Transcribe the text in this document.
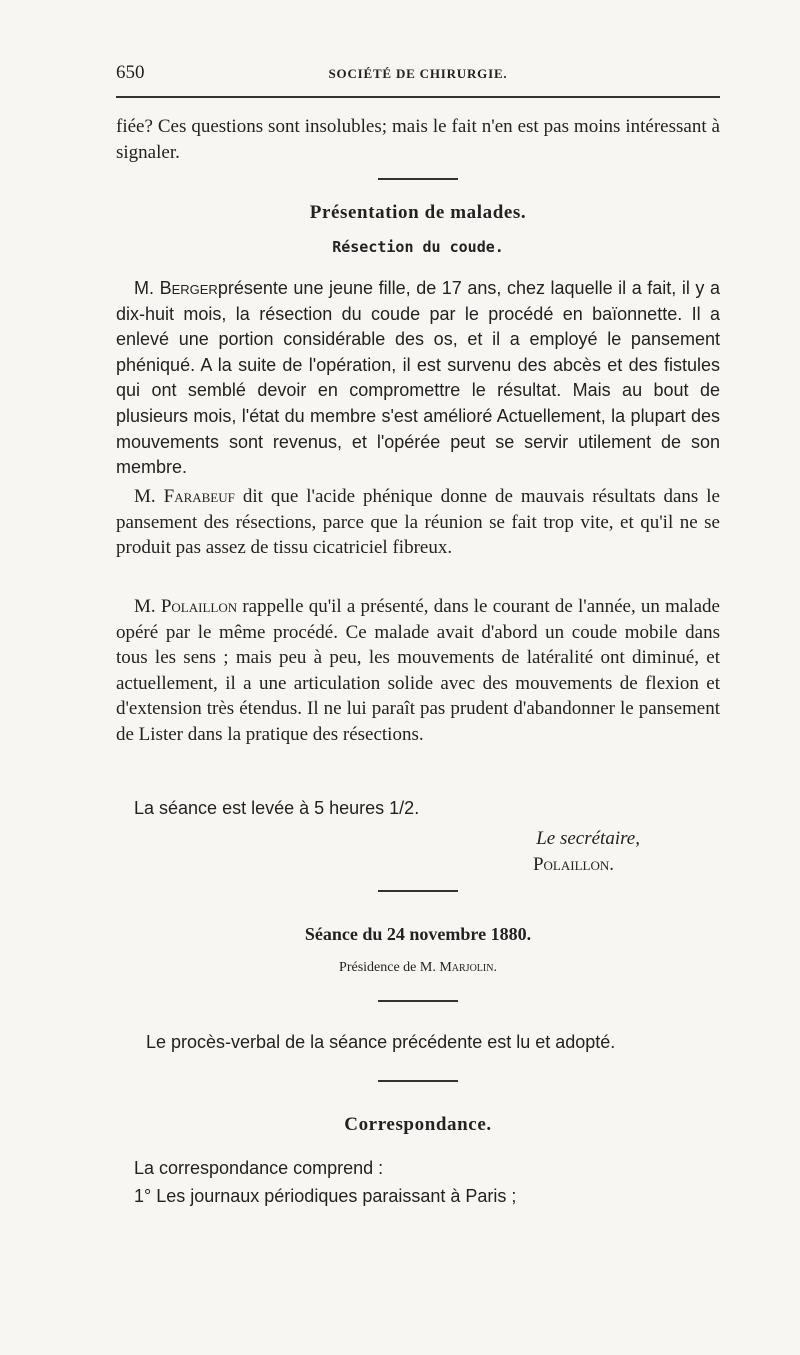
650	SOCIÉTÉ DE CHIRURGIE.

fiée? Ces questions sont insolubles; mais le fait n'en est pas moins intéressant à signaler.

Présentation de malades.

Résection du coude.

M. Bergerprésente une jeune fille, de 17 ans, chez laquelle il a fait, il y a dix-huit mois, la résection du coude par le procédé en baïonnette. Il a enlevé une portion considérable des os, et il a employé le pansement phéniqué. A la suite de l'opération, il est survenu des abcès et des fistules qui ont semblé devoir en compromettre le résultat. Mais au bout de plusieurs mois, l'état du membre s'est amélioré Actuellement, la plupart des mouvements sont revenus, et l'opérée peut se servir utilement de son membre.

M. Farabeuf dit que l'acide phénique donne de mauvais résultats dans le pansement des résections, parce que la réunion se fait trop vite, et qu'il ne se produit pas assez de tissu cicatriciel fibreux.

M. Polaillon rappelle qu'il a présenté, dans le courant de l'année, un malade opéré par le même procédé. Ce malade avait d'abord un coude mobile dans tous les sens ; mais peu à peu, les mouvements de latéralité ont diminué, et actuellement, il a une articulation solide avec des mouvements de flexion et d'extension très étendus. Il ne lui paraît pas prudent d'abandonner le pansement de Lister dans la pratique des résections.

La séance est levée à 5 heures 1/2.

Le secrétaire,

Polaillon.

Séance du 24 novembre 1880.

Présidence de M. Marjolin.

Le procès-verbal de la séance précédente est lu et adopté.

Correspondance.

La correspondance comprend :

1° Les journaux périodiques paraissant à Paris ;
